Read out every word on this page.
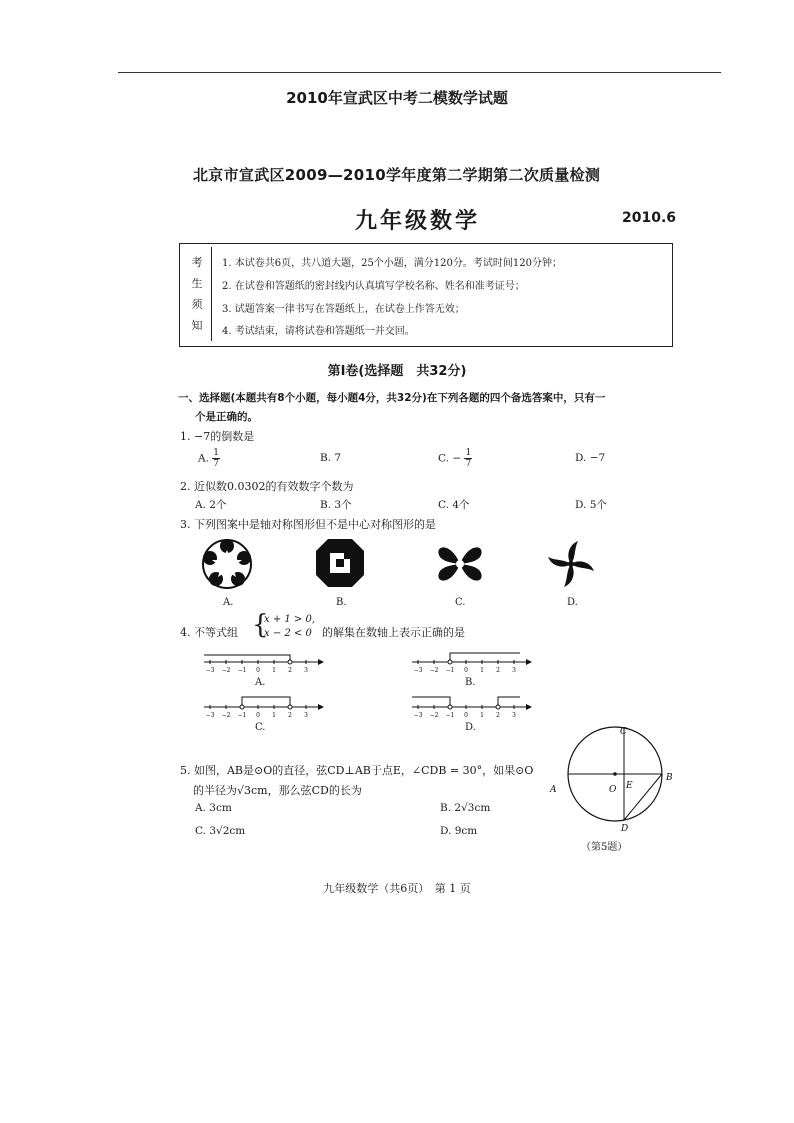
2010年宣武区中考二模数学试题
北京市宣武区2009—2010学年度第二学期第二次质量检测
九年级数学	2010.6
考
生
须
知
1. 本试卷共6页，共八道大题，25个小题，满分120分。考试时间120分钟；
2. 在试卷和答题纸的密封线内认真填写学校名称、姓名和准考证号；
3. 试题答案一律书写在答题纸上，在试卷上作答无效；
4. 考试结束，请将试卷和答题纸一并交回。
第Ⅰ卷(选择题　共32分)
一、选择题(本题共有8个小题，每小题4分，共32分)在下列各题的四个备选答案中，只有一
个是正确的。
1. −7的倒数是
A. $\frac{1}{7}$	B. 7	C. − $\frac{1}{7}$	D. −7
2. 近似数0.0302的有效数字个数为
A. 2个	B. 3个	C. 4个	D. 5个
3. 下列图案中是轴对称图形但不是中心对称图形的是
A.	B.	C.	D.
4. 不等式组 {
x + 1 > 0,
x − 2 < 0 的解集在数轴上表示正确的是
−3 −2 −1 0 1 2 3
A.
−3 −2 −1 0 1 2 3
B.
−3 −2 −1 0 1 2 3
C.
−3 −2 −1 0 1 2 3
D.
5. 如图，AB是⊙O的直径，弦CD⊥AB于点E，∠CDB = 30°，如果⊙O
的半径为√3cm，那么弦CD的长为
A. 3cm	B. 2√3cm
C. 3√2cm	D. 9cm
C
A	O E
B
D
（第5题）
九年级数学（共6页）　第 1 页
